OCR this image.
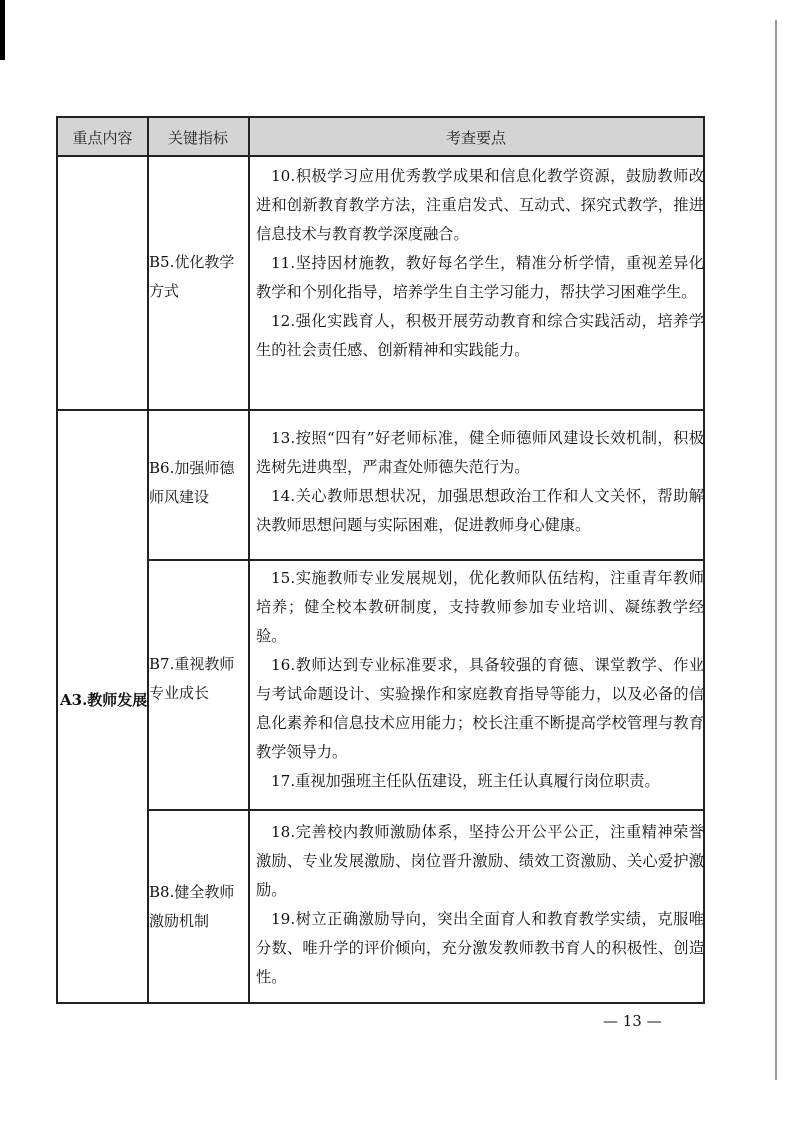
重点内容	关键指标	考查要点
A3.教师发展
B5.优化教学方式

10.积极学习应用优秀教学成果和信息化教学资源，鼓励教师改进和创新教育教学方法，注重启发式、互动式、探究式教学，推进信息技术与教育教学深度融合。

11.坚持因材施教，教好每名学生，精准分析学情，重视差异化教学和个别化指导，培养学生自主学习能力，帮扶学习困难学生。

12.强化实践育人，积极开展劳动教育和综合实践活动，培养学生的社会责任感、创新精神和实践能力。

B6.加强师德师风建设

13.按照“四有”好老师标准，健全师德师风建设长效机制，积极选树先进典型，严肃查处师德失范行为。

14.关心教师思想状况，加强思想政治工作和人文关怀，帮助解决教师思想问题与实际困难，促进教师身心健康。

B7.重视教师专业成长

15.实施教师专业发展规划，优化教师队伍结构，注重青年教师培养；健全校本教研制度，支持教师参加专业培训、凝练教学经验。

16.教师达到专业标准要求，具备较强的育德、课堂教学、作业与考试命题设计、实验操作和家庭教育指导等能力，以及必备的信息化素养和信息技术应用能力；校长注重不断提高学校管理与教育教学领导力。

17.重视加强班主任队伍建设，班主任认真履行岗位职责。

B8.健全教师激励机制

18.完善校内教师激励体系，坚持公开公平公正，注重精神荣誉激励、专业发展激励、岗位晋升激励、绩效工资激励、关心爱护激励。

19.树立正确激励导向，突出全面育人和教育教学实绩，克服唯分数、唯升学的评价倾向，充分激发教师教书育人的积极性、创造性。

— 13 —
